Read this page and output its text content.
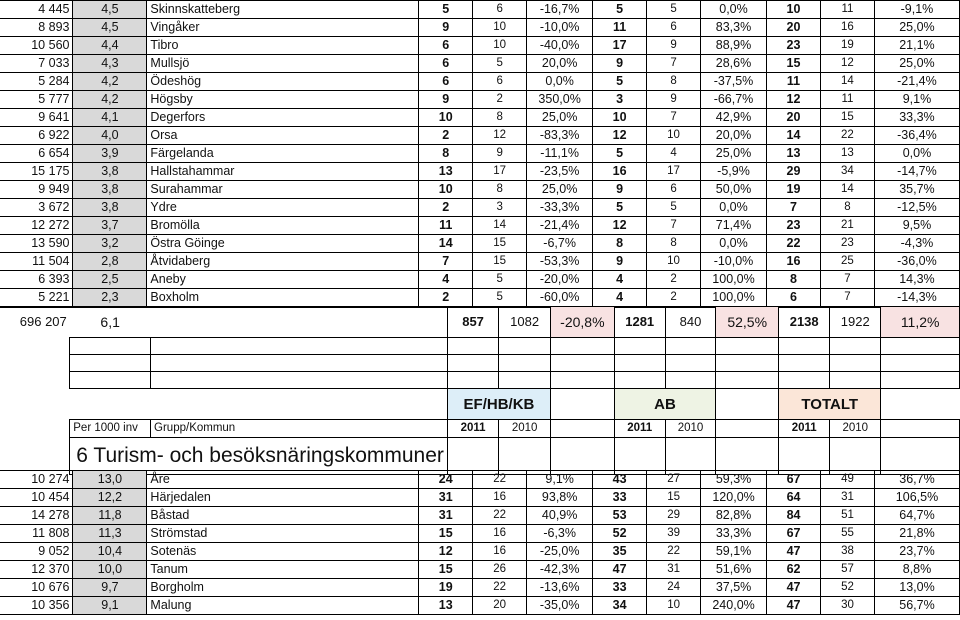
4 445	4,5	Skinnskatteberg	5	6	-16,7%	5	5	0,0%	10	11	-9,1%
8 893	4,5	Vingåker	9	10	-10,0%	11	6	83,3%	20	16	25,0%
10 560	4,4	Tibro	6	10	-40,0%	17	9	88,9%	23	19	21,1%
7 033	4,3	Mullsjö	6	5	20,0%	9	7	28,6%	15	12	25,0%
5 284	4,2	Ödeshög	6	6	0,0%	5	8	-37,5%	11	14	-21,4%
5 777	4,2	Högsby	9	2	350,0%	3	9	-66,7%	12	11	9,1%
9 641	4,1	Degerfors	10	8	25,0%	10	7	42,9%	20	15	33,3%
6 922	4,0	Orsa	2	12	-83,3%	12	10	20,0%	14	22	-36,4%
6 654	3,9	Färgelanda	8	9	-11,1%	5	4	25,0%	13	13	0,0%
15 175	3,8	Hallstahammar	13	17	-23,5%	16	17	-5,9%	29	34	-14,7%
9 949	3,8	Surahammar	10	8	25,0%	9	6	50,0%	19	14	35,7%
3 672	3,8	Ydre	2	3	-33,3%	5	5	0,0%	7	8	-12,5%
12 272	3,7	Bromölla	11	14	-21,4%	12	7	71,4%	23	21	9,5%
13 590	3,2	Östra Göinge	14	15	-6,7%	8	8	0,0%	22	23	-4,3%
11 504	2,8	Åtvidaberg	7	15	-53,3%	9	10	-10,0%	16	25	-36,0%
6 393	2,5	Aneby	4	5	-20,0%	4	2	100,0%	8	7	14,3%
5 221	2,3	Boxholm	2	5	-60,0%	4	2	100,0%	6	7	-14,3%
696 207	6,1		857	1082	-20,8%	1281	840	52,5%	2138	1922	11,2%

			EF/HB/KB			AB			TOTALT		
	Per 1000 inv	Grupp/Kommun	2011	2010		2011	2010		2011	2010	
	6 Turism- och besöksnäringskommuner										
10 274	13,0	Åre	24	22	9,1%	43	27	59,3%	67	49	36,7%
10 454	12,2	Härjedalen	31	16	93,8%	33	15	120,0%	64	31	106,5%
14 278	11,8	Båstad	31	22	40,9%	53	29	82,8%	84	51	64,7%
11 808	11,3	Strömstad	15	16	-6,3%	52	39	33,3%	67	55	21,8%
9 052	10,4	Sotenäs	12	16	-25,0%	35	22	59,1%	47	38	23,7%
12 370	10,0	Tanum	15	26	-42,3%	47	31	51,6%	62	57	8,8%
10 676	9,7	Borgholm	19	22	-13,6%	33	24	37,5%	47	52	13,0%
10 356	9,1	Malung	13	20	-35,0%	34	10	240,0%	47	30	56,7%
